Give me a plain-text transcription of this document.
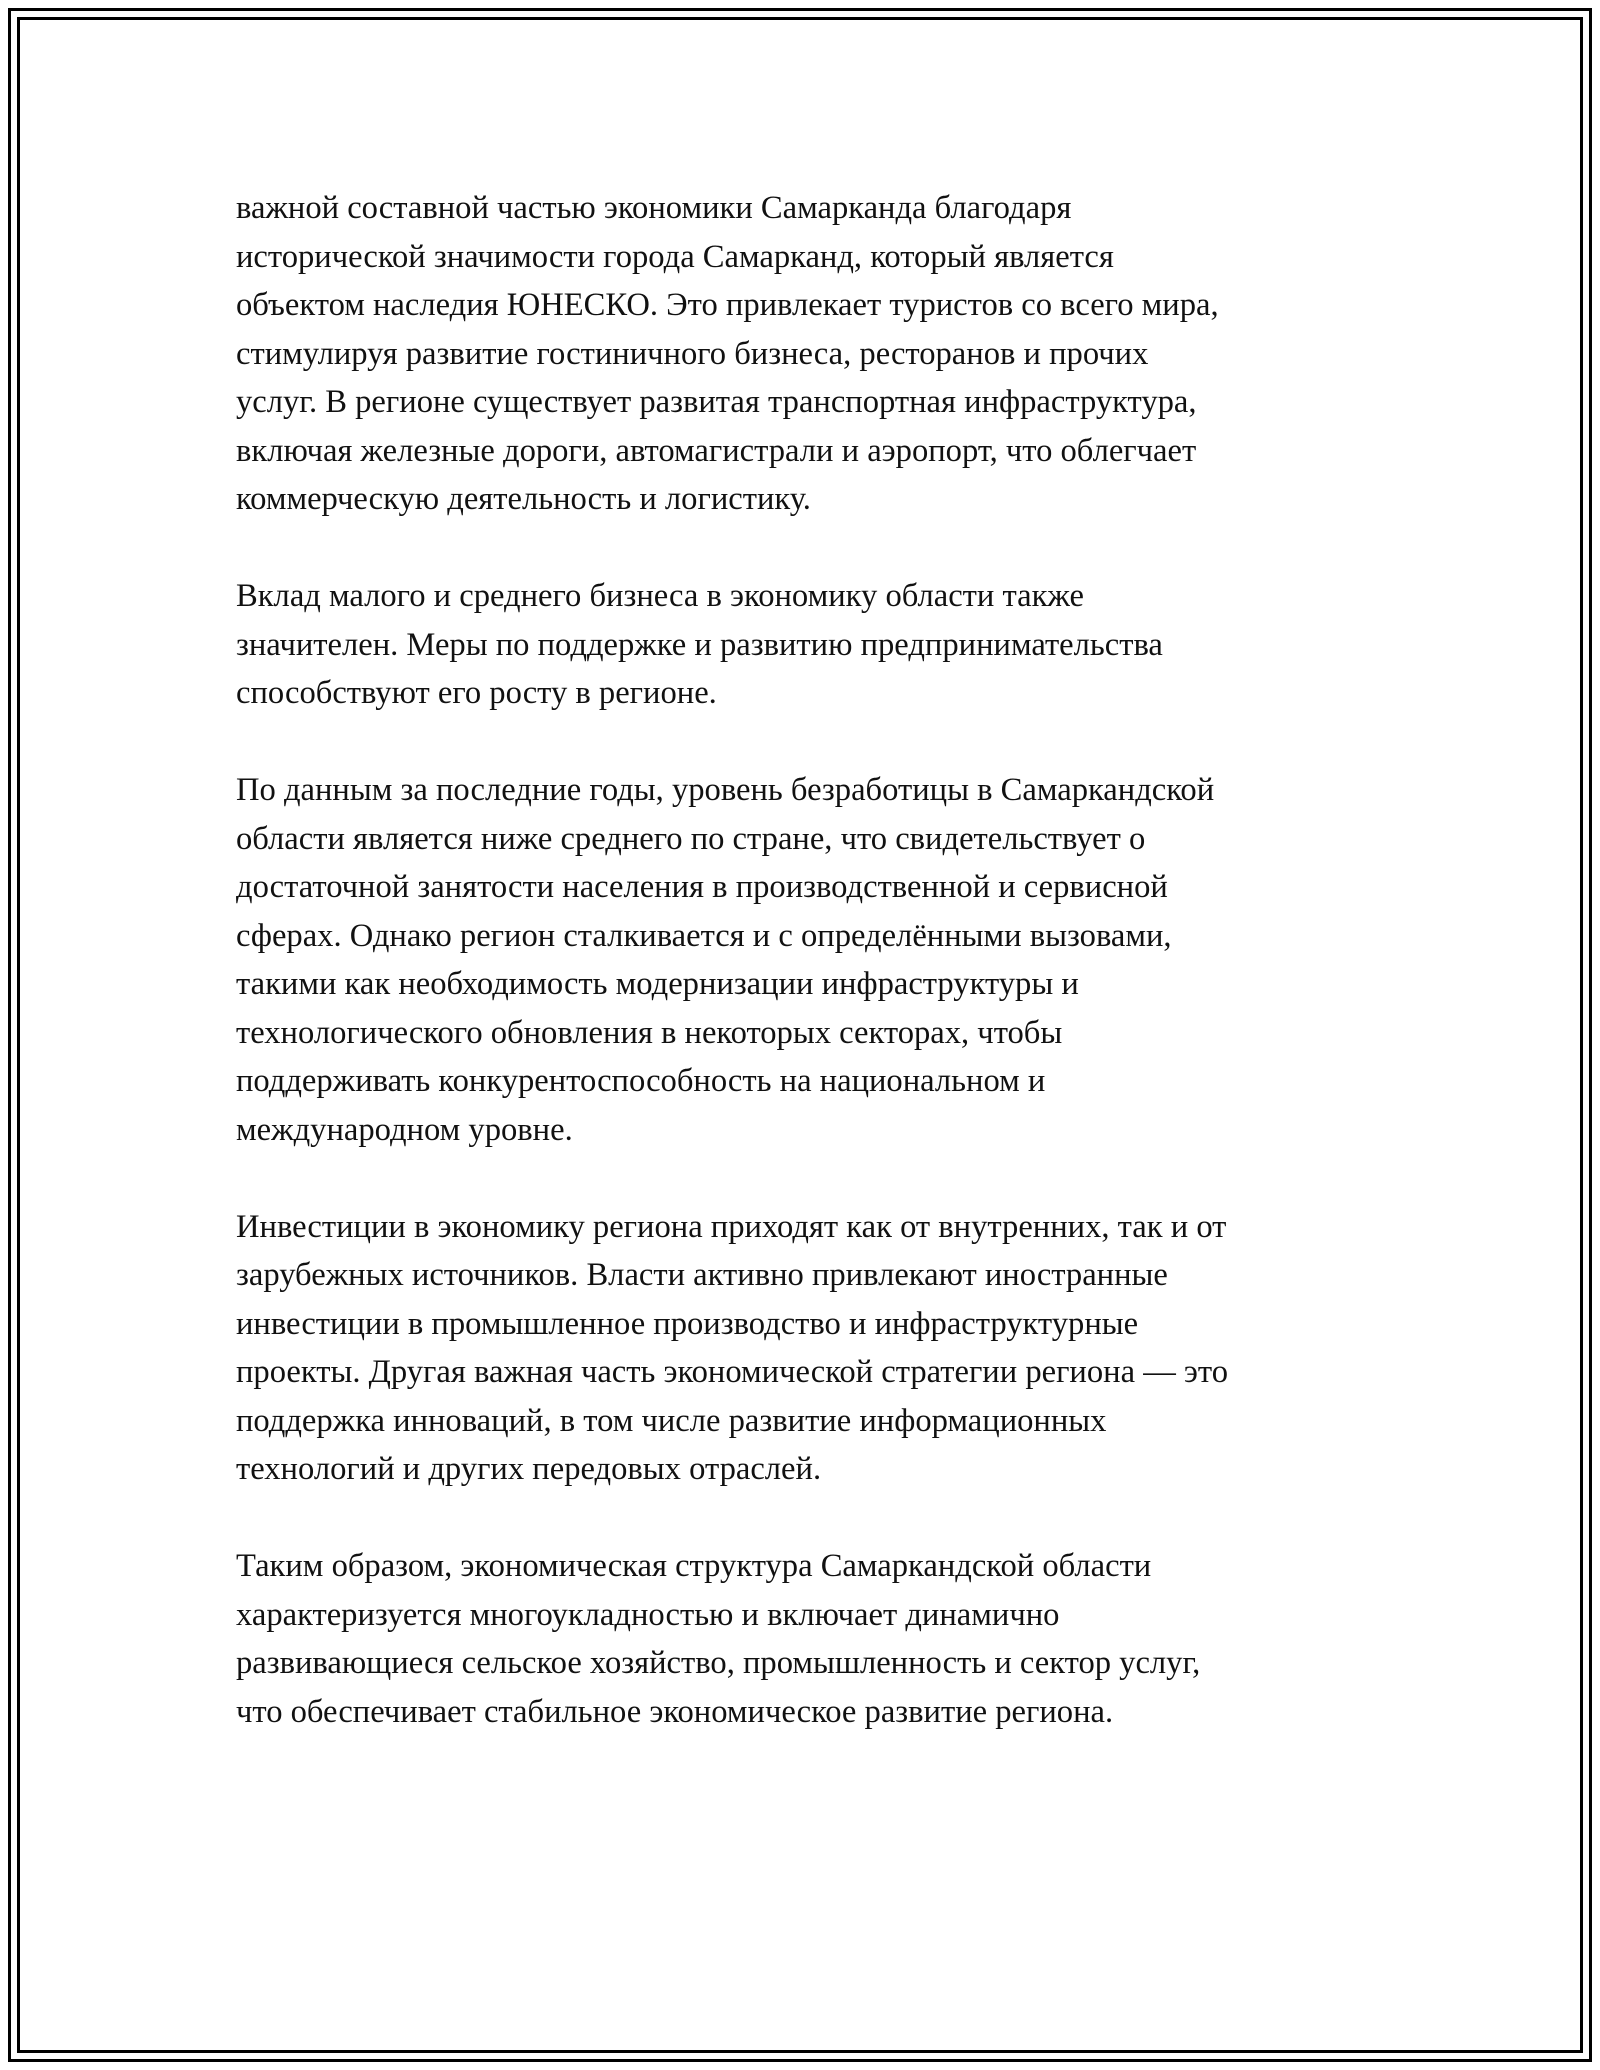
важной составной частью экономики Самарканда благодаря
исторической значимости города Самарканд, который является
объектом наследия ЮНЕСКО. Это привлекает туристов со всего мира,
стимулируя развитие гостиничного бизнеса, ресторанов и прочих
услуг. В регионе существует развитая транспортная инфраструктура,
включая железные дороги, автомагистрали и аэропорт, что облегчает
коммерческую деятельность и логистику.

Вклад малого и среднего бизнеса в экономику области также
значителен. Меры по поддержке и развитию предпринимательства
способствуют его росту в регионе.

По данным за последние годы, уровень безработицы в Самаркандской
области является ниже среднего по стране, что свидетельствует о
достаточной занятости населения в производственной и сервисной
сферах. Однако регион сталкивается и с определёнными вызовами,
такими как необходимость модернизации инфраструктуры и
технологического обновления в некоторых секторах, чтобы
поддерживать конкурентоспособность на национальном и
международном уровне.

Инвестиции в экономику региона приходят как от внутренних, так и от
зарубежных источников. Власти активно привлекают иностранные
инвестиции в промышленное производство и инфраструктурные
проекты. Другая важная часть экономической стратегии региона — это
поддержка инноваций, в том числе развитие информационных
технологий и других передовых отраслей.

Таким образом, экономическая структура Самаркандской области
характеризуется многоукладностью и включает динамично
развивающиеся сельское хозяйство, промышленность и сектор услуг,
что обеспечивает стабильное экономическое развитие региона.
